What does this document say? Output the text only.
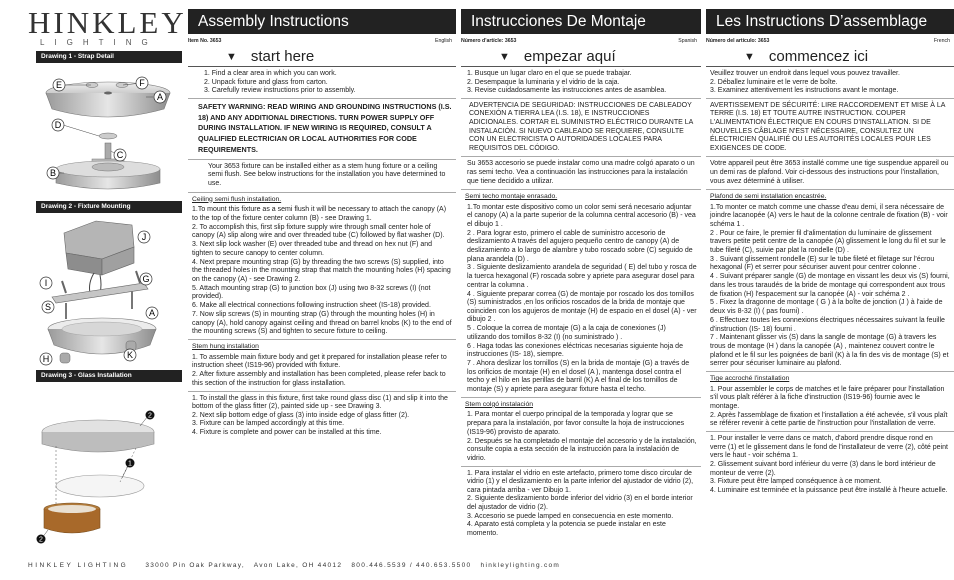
HINKLEY
LIGHTING
Drawing 1 - Strap Detail
E	F
A
D
C
B
Drawing 2 - Fixture Mounting
J
I	G
S
A
H	K
Drawing 3 - Glass Installation
2
1
2
Assembly Instructions
Item No. 3653	English
▼ start here
1. Find a clear area in which you can work.
2. Unpack fixture and glass from carton.
3. Carefully review instructions prior to assembly.
SAFETY WARNING: READ WIRING AND GROUNDING INSTRUCTIONS (I.S. 18) AND ANY ADDITIONAL DIRECTIONS. TURN POWER SUPPLY OFF DURING INSTALLATION. IF NEW WIRING IS REQUIRED, CONSULT A QUALIFIED ELECTRICIAN OR LOCAL AUTHORITIES FOR CODE REQUIREMENTS.
Your 3653 fixture can be installed either as a stem hung fixture or a ceiling semi flush. See below instructions for the installation you have determined to use.
Ceiling semi flush installation.
1.To mount this fixture as a semi flush it will be necessary to attach the canopy (A) to the top of the fixture center column (B) - see Drawing 1.
2. To accomplish this, first slip fixture supply wire through small center hole of canopy (A) slip along wire and over threaded tube (C) followed by flat washer (D).
3. Next slip lock washer (E) over threaded tube and thread on hex nut (F) and tighten to secure canopy to center column.
4. Next prepare mounting strap (G) by threading the two screws (S) supplied, into the threaded holes in the mounting strap that match the mounting holes (H) spacing on the canopy (A) - see Drawing 2.
5. Attach mounting strap (G) to junction box (J) using two 8-32 screws (I) (not provided).
6. Make all electrical connections following instruction sheet (IS-18) provided.
7. Now slip screws (S) in mounting strap (G) through the mounting holes (H) in canopy (A), hold canopy against ceiling and thread on barrel knobs (K) to the end of the mounting screws (S) and tighten to secure fixture to ceiling.
Stem hung installation
1. To assemble main fixture body and get it prepared for installation please refer to instruction sheet (IS19-96) provided with fixture.
2. After fixture assembly and installation has been completed, please refer back to this section of the instruction for glass installation.
1. To install the glass in this fixture, first take round glass disc (1) and slip it into the bottom of the glass fitter (2), painted side up - see Drawing 3.
2. Next slip bottom edge of glass (3) into inside edge of glass fitter (2).
3. Fixture can be lamped accordingly at this time.
4. Fixture is complete and power can be installed at this time.
Instrucciones De Montaje
Número d'artícle: 3653	Spanish
▼ empezar aquí
1. Busque un lugar claro en el que se puede trabajar.
2. Desempaque la luminaria y el vidrio de la caja.
3. Revise cuidadosamente las instrucciones antes de asamblea.
ADVERTENCIA DE SEGURIDAD: INSTRUCCIONES DE CABLEADOY CONEXIÓN A TIERRA LEA (I.S. 18), E INSTRUCCIONES ADICIONALES. CORTAR EL SUMINISTRO ELÉCTRICO DURANTE LA INSTALACIÓN. SI NUEVO CABLEADO SE REQUIERE, CONSULTE CON UN ELECTRICISTA O AUTORIDADES LOCALES PARA REQUISITOS DEL CÓDIGO.
Su 3653 accesorio se puede instalar como una madre colgó aparato o un ras semi techo. Vea a continuación las instrucciones para la instalación que tiene decidido a utilizar.
Semi techo montaje enrasado.
1.To montar este dispositivo como un color semi será necesario adjuntar el canopy (A) a la parte superior de la columna central accesorio (B) - vea el dibujo 1 .
2 . Para lograr esto, primero el cable de suministro accesorio de deslizamiento A través del agujero pequeño centro de canopy (A) de deslizamiento a lo largo de alambre y tubo roscado sobre (C) seguido de plana arandela (D) .
3 . Siguiente deslizamiento arandela de seguridad ( E) del tubo y rosca de la tuerca hexagonal (F) roscada sobre y apriete para asegurar dosel para centrar la columna .
4 . Siguiente preparar correa (G) de montaje por roscado los dos tornillos (S) suministrados ,en los orificios roscados de la brida de montaje que coinciden con los agujeros de montaje (H) de espacio en el dosel (A) - ver dibujo 2 .
5 . Coloque la correa de montaje (G) a la caja de conexiones (J) utilizando dos tornillos 8-32 (I) (no suministrado ) .
6 . Haga todas las conexiones eléctricas necesarias siguiente hoja de instrucciones (IS- 18), siempre.
7 . Ahora deslizar los tornillos (S) en la brida de montaje (G) a través de los orificios de montaje (H) en el dosel (A ), mantenga dosel contra el techo y el hilo en las perillas de barril (K) A el final de los tornillos de montaje (S) y apriete para asegurar fixture hasta el techo.
Stem colgó instalación
1. Para montar el cuerpo principal de la temporada y lograr que se prepara para la instalación, por favor consulte la hoja de instrucciones (IS19-96) provisto de aparato.
2. Después se ha completado el montaje del accesorio y de la instalación, consulte copia a esta sección de la instrucción para la instalación de vidrio.
1. Para instalar el vidrio en este artefacto, primero tome disco circular de vidrio (1) y el deslizamiento en la parte inferior del ajustador de vidrio (2), cara pintada arriba - ver Dibujo 1.
2. Siguiente deslizamiento borde inferior del vidrio (3) en el borde interior del ajustador de vidrio (2).
3. Accesorio se puede lamped en consecuencia en este momento.
4. Aparato está completa y la potencia se puede instalar en este momento.
Les Instructions D’assemblage
Número del artículo: 3653	French
▼ commencez ici
Veuillez trouver un endroit dans lequel vous pouvez travailler.
2. Déballez luminaire et le verre de boîte.
3. Examinez attentivement les instructions avant le montage.
AVERTISSEMENT DE SÉCURITÉ: LIRE RACCORDEMENT ET MISE À LA TERRE (I.S. 18) ET TOUTE AUTRE INSTRUCTION. COUPER L'ALIMENTATION ÉLECTRIQUE EN COURS D'INSTALLATION. SI DE NOUVELLES CÂBLAGE N'EST NÉCESSAIRE, CONSULTEZ UN ÉLECTRICIEN QUALIFIÉ OU LES AUTORITÉS LOCALES POUR LES EXIGENCES DE CODE.
Votre appareil peut être 3653 installé comme une tige suspendue appareil ou un demi ras de plafond. Voir ci-dessous des instructions pour l'installation, vous avez déterminé à utiliser.
Plafond de semi installation encastrée.
1.To monter ce match comme une chasse d'eau demi, il sera nécessaire de joindre lacanopée (A) vers le haut de la colonne centrale de fixation (B) - voir schéma 1 .
2 . Pour ce faire, le premier fil d'alimentation du luminaire de glissement travers petite petit centre de la canopée (A) glissement le long du fil et sur le tube fileté (C), suivie par plat la rondelle (D) .
3 . Suivant glissement rondelle (E) sur le tube fileté et filetage sur l'écrou hexagonal (F) et serrer pour sécuriser auvent pour centrer colonne .
4 . Suivant préparer sangle (G) de montage en vissant les deux vis (S) fourni, dans les trous taraudés de la bride de montage qui correspondent aux trous de fixation (H) l'espacement sur la canopée (A) - voir schéma 2 .
5 . Fixez la dragonne de montage ( G ) à la boîte de jonction (J ) à l'aide de deux vis 8-32 (I) ( pas fourni) .
6 . Effectuez toutes les connexions électriques nécessaires suivant la feuille d'instruction (IS- 18) fourni .
7 . Maintenant glisser vis (S) dans la sangle de montage (G) à travers les trous de montage (H ) dans la canopée (A) , maintenez couvert contre le plafond et le fil sur les poignées de baril (K) à la fin des vis de montage (S) et serrer pour sécuriser luminaire au plafond.
Tige accroché l'installation
1. Pour assembler le corps de matches et le faire préparer pour l'installation s'il vous plaît référer à la fiche d'instruction (IS19-96) fournie avec le montage.
2. Après l'assemblage de fixation et l'installation a été achevée, s'il vous plaît se référer revenir à cette partie de l'instruction pour l'installation de verre.
1. Pour installer le verre dans ce match, d'abord prendre disque rond en verre (1) et le glissement dans le fond de l'installateur de verre (2), côté peint vers le haut - voir schéma 1.
2. Glissement suivant bord inférieur du verre (3) dans le bord intérieur de monteur de verre (2).
3. Fixture peut être lamped conséquence à ce moment.
4. Luminaire est terminée et la puissance peut être installé à l'heure actuelle.
HINKLEY LIGHTING	33000 Pin Oak Parkway, Avon Lake, OH 44012 800.446.5539 / 440.653.5500 hinkleylighting.com
